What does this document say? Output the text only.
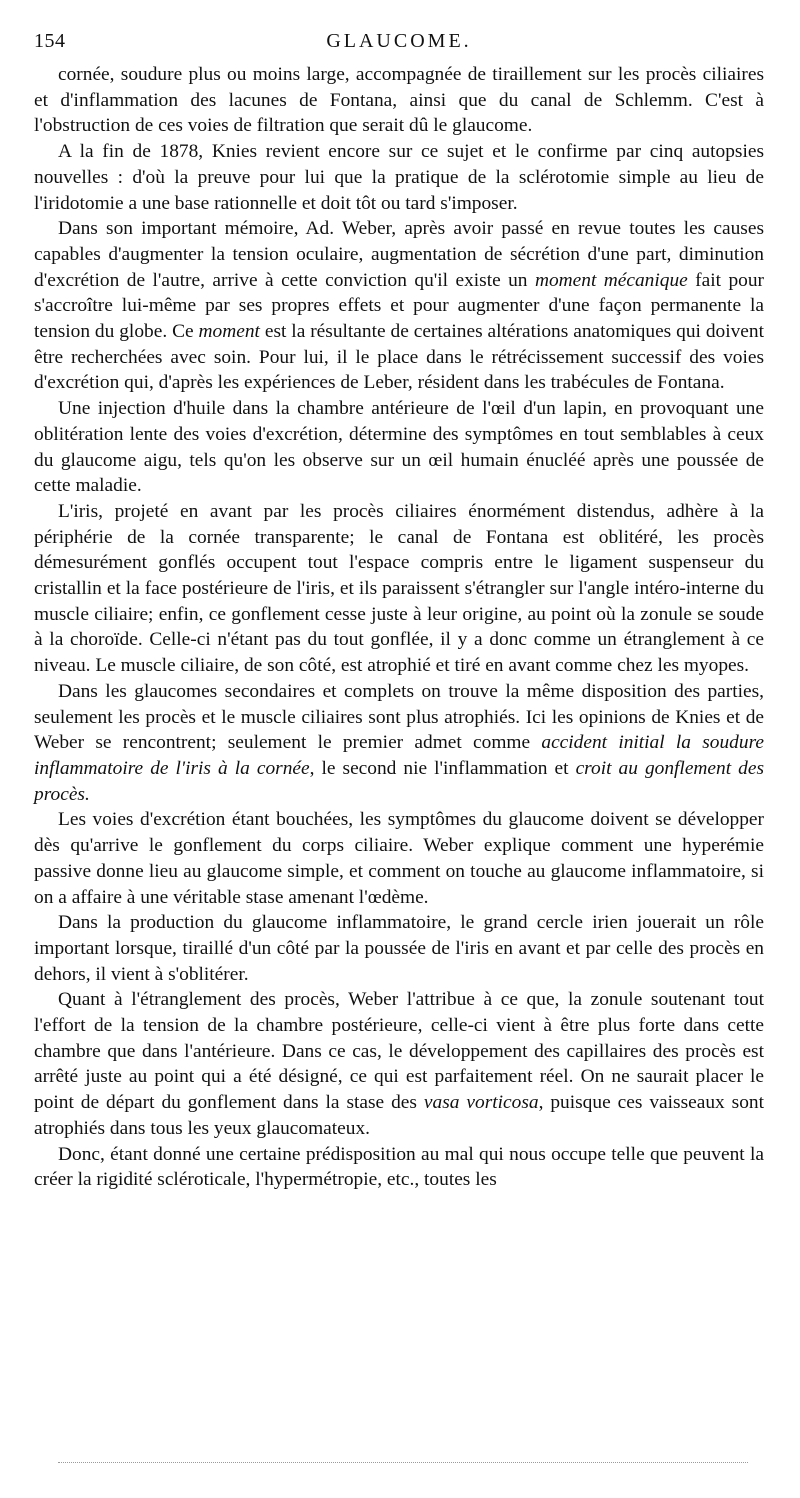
154	GLAUCOME.

cornée, soudure plus ou moins large, accompagnée de tiraillement sur les procès ciliaires et d'inflammation des lacunes de Fontana, ainsi que du canal de Schlemm. C'est à l'obstruction de ces voies de filtration que serait dû le glaucome.

A la fin de 1878, Knies revient encore sur ce sujet et le confirme par cinq autopsies nouvelles : d'où la preuve pour lui que la pratique de la sclérotomie simple au lieu de l'iridotomie a une base rationnelle et doit tôt ou tard s'imposer.

Dans son important mémoire, Ad. Weber, après avoir passé en revue toutes les causes capables d'augmenter la tension oculaire, augmentation de sécrétion d'une part, diminution d'excrétion de l'autre, arrive à cette conviction qu'il existe un moment mécanique fait pour s'accroître lui-même par ses propres effets et pour augmenter d'une façon permanente la tension du globe. Ce moment est la résultante de certaines altérations anatomiques qui doivent être recherchées avec soin. Pour lui, il le place dans le rétrécissement successif des voies d'excrétion qui, d'après les expériences de Leber, résident dans les trabécules de Fontana.

Une injection d'huile dans la chambre antérieure de l'œil d'un lapin, en provoquant une oblitération lente des voies d'excrétion, détermine des symptômes en tout semblables à ceux du glaucome aigu, tels qu'on les observe sur un œil humain énucléé après une poussée de cette maladie.

L'iris, projeté en avant par les procès ciliaires énormément distendus, adhère à la périphérie de la cornée transparente; le canal de Fontana est oblitéré, les procès démesurément gonflés occupent tout l'espace compris entre le ligament suspenseur du cristallin et la face postérieure de l'iris, et ils paraissent s'étrangler sur l'angle intéro-interne du muscle ciliaire; enfin, ce gonflement cesse juste à leur origine, au point où la zonule se soude à la choroïde. Celle-ci n'étant pas du tout gonflée, il y a donc comme un étranglement à ce niveau. Le muscle ciliaire, de son côté, est atrophié et tiré en avant comme chez les myopes.

Dans les glaucomes secondaires et complets on trouve la même disposition des parties, seulement les procès et le muscle ciliaires sont plus atrophiés. Ici les opinions de Knies et de Weber se rencontrent; seulement le premier admet comme accident initial la soudure inflammatoire de l'iris à la cornée, le second nie l'inflammation et croit au gonflement des procès.

Les voies d'excrétion étant bouchées, les symptômes du glaucome doivent se développer dès qu'arrive le gonflement du corps ciliaire. Weber explique comment une hyperémie passive donne lieu au glaucome simple, et comment on touche au glaucome inflammatoire, si on a affaire à une véritable stase amenant l'œdème.

Dans la production du glaucome inflammatoire, le grand cercle irien jouerait un rôle important lorsque, tiraillé d'un côté par la poussée de l'iris en avant et par celle des procès en dehors, il vient à s'oblitérer.

Quant à l'étranglement des procès, Weber l'attribue à ce que, la zonule soutenant tout l'effort de la tension de la chambre postérieure, celle-ci vient à être plus forte dans cette chambre que dans l'antérieure. Dans ce cas, le développement des capillaires des procès est arrêté juste au point qui a été désigné, ce qui est parfaitement réel. On ne saurait placer le point de départ du gonflement dans la stase des vasa vorticosa, puisque ces vaisseaux sont atrophiés dans tous les yeux glaucomateux.

Donc, étant donné une certaine prédisposition au mal qui nous occupe telle que peuvent la créer la rigidité scléroticale, l'hypermétropie, etc., toutes les
